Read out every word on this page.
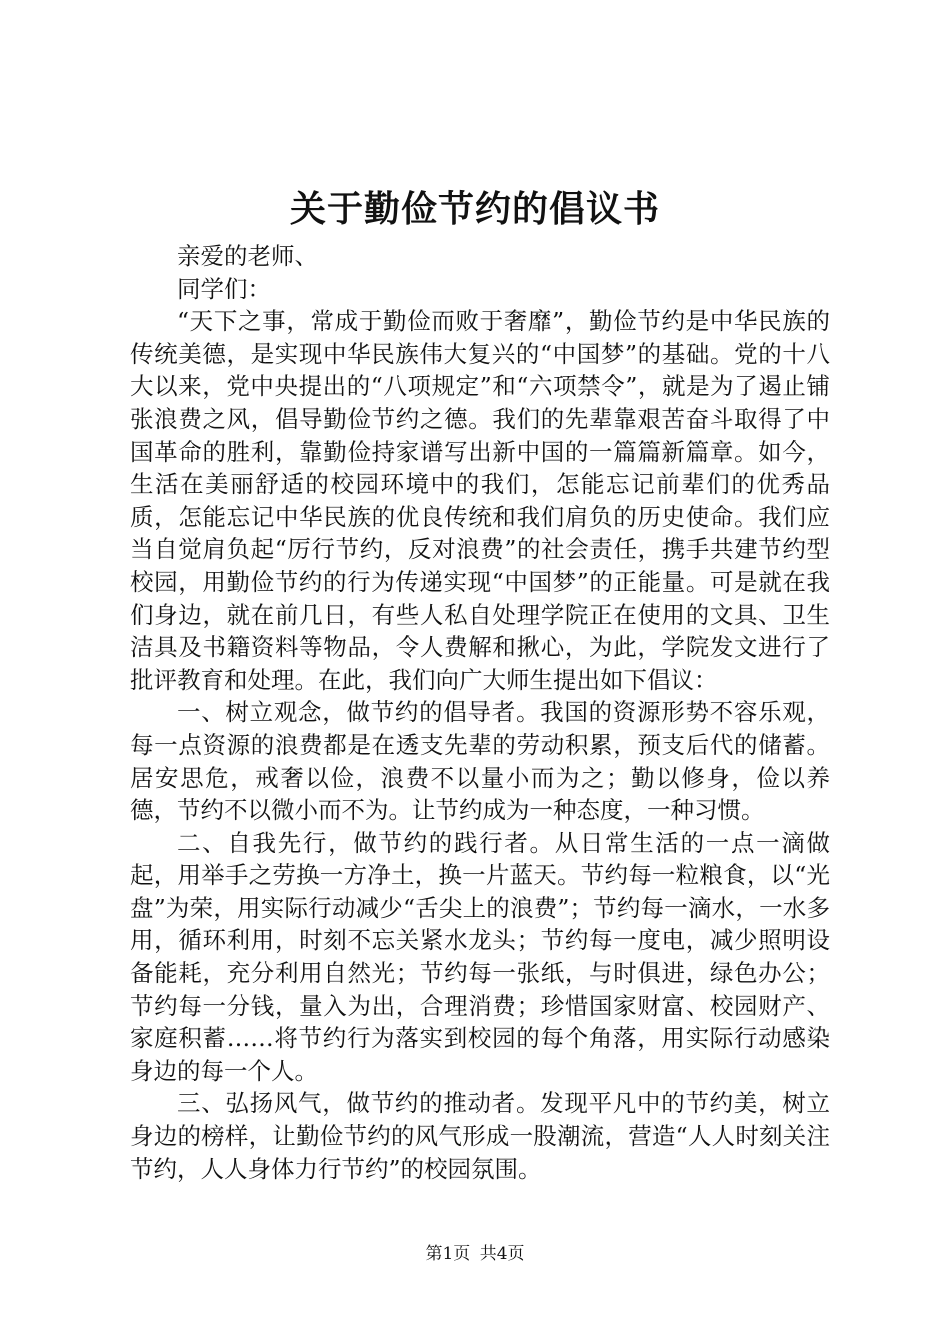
关于勤俭节约的倡议书

亲爱的老师、

同学们：

“天下之事，常成于勤俭而败于奢靡”，勤俭节约是中华民族的传统美德，是实现中华民族伟大复兴的“中国梦”的基础。党的十八大以来，党中央提出的“八项规定”和“六项禁令”，就是为了遏止铺张浪费之风，倡导勤俭节约之德。我们的先辈靠艰苦奋斗取得了中国革命的胜利，靠勤俭持家谱写出新中国的一篇篇新篇章。如今，生活在美丽舒适的校园环境中的我们，怎能忘记前辈们的优秀品质，怎能忘记中华民族的优良传统和我们肩负的历史使命。我们应当自觉肩负起“厉行节约，反对浪费”的社会责任，携手共建节约型校园，用勤俭节约的行为传递实现“中国梦”的正能量。可是就在我们身边，就在前几日，有些人私自处理学院正在使用的文具、卫生洁具及书籍资料等物品，令人费解和揪心，为此，学院发文进行了批评教育和处理。在此，我们向广大师生提出如下倡议：

一、树立观念，做节约的倡导者。我国的资源形势不容乐观，每一点资源的浪费都是在透支先辈的劳动积累，预支后代的储蓄。居安思危，戒奢以俭，浪费不以量小而为之；勤以修身，俭以养德，节约不以微小而不为。让节约成为一种态度，一种习惯。

二、自我先行，做节约的践行者。从日常生活的一点一滴做起，用举手之劳换一方净土，换一片蓝天。节约每一粒粮食，以“光盘”为荣，用实际行动减少“舌尖上的浪费”；节约每一滴水，一水多用，循环利用，时刻不忘关紧水龙头；节约每一度电，减少照明设备能耗，充分利用自然光；节约每一张纸，与时俱进，绿色办公；节约每一分钱，量入为出，合理消费；珍惜国家财富、校园财产、家庭积蓄……将节约行为落实到校园的每个角落，用实际行动感染身边的每一个人。

三、弘扬风气，做节约的推动者。发现平凡中的节约美，树立身边的榜样，让勤俭节约的风气形成一股潮流，营造“人人时刻关注节约，人人身体力行节约”的校园氛围。

第1页 共4页
